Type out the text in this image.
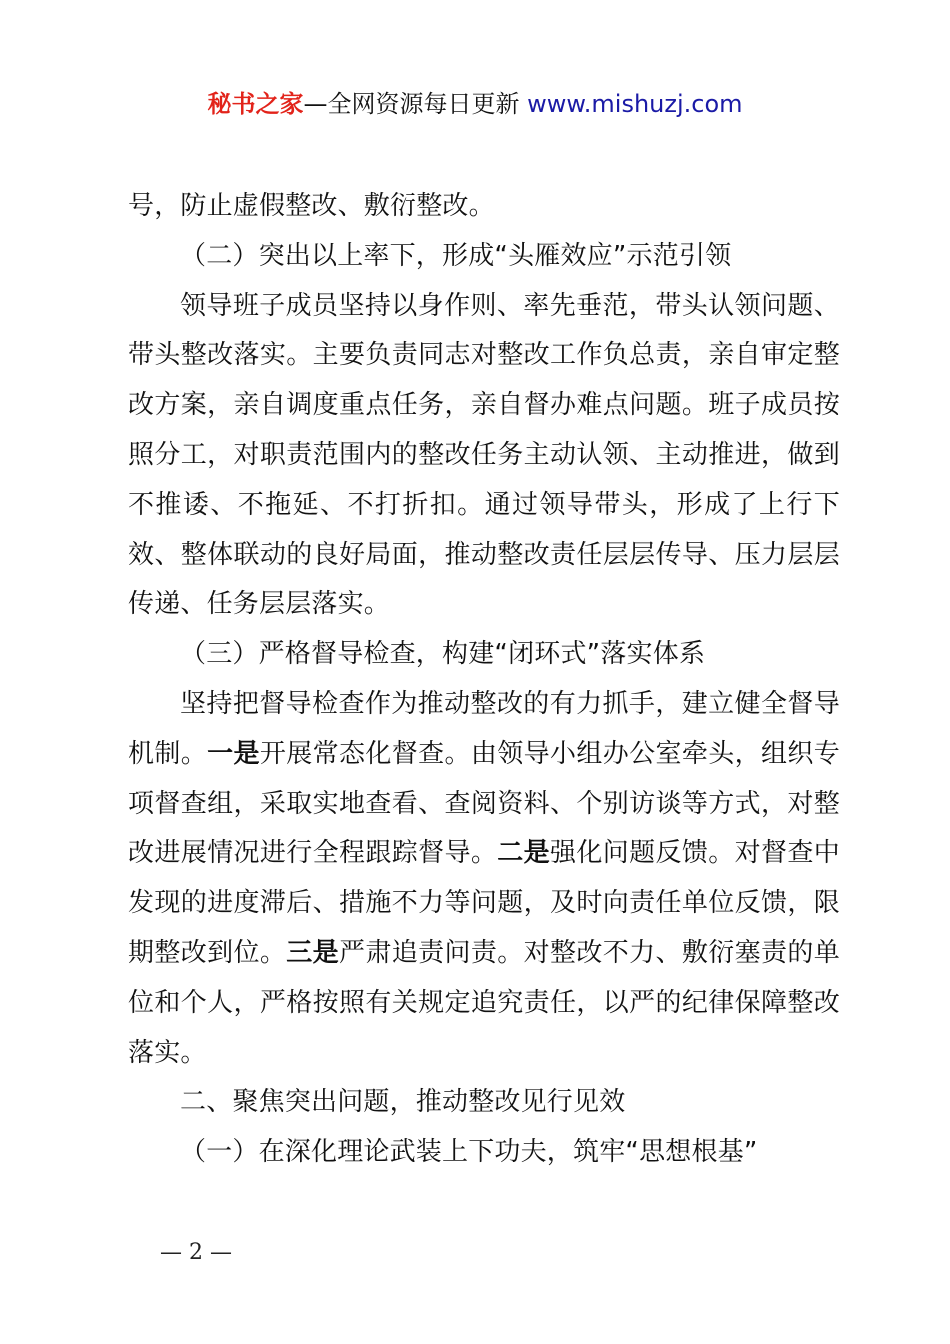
秘书之家—全网资源每日更新 www.mishuzj.com

号，防止虚假整改、敷衍整改。

（二）突出以上率下，形成“头雁效应”示范引领

领导班子成员坚持以身作则、率先垂范，带头认领问题、带头整改落实。主要负责同志对整改工作负总责，亲自审定整改方案，亲自调度重点任务，亲自督办难点问题。班子成员按照分工，对职责范围内的整改任务主动认领、主动推进，做到不推诿、不拖延、不打折扣。通过领导带头，形成了上行下效、整体联动的良好局面，推动整改责任层层传导、压力层层传递、任务层层落实。

（三）严格督导检查，构建“闭环式”落实体系

坚持把督导检查作为推动整改的有力抓手，建立健全督导机制。一是开展常态化督查。由领导小组办公室牵头，组织专项督查组，采取实地查看、查阅资料、个别访谈等方式，对整改进展情况进行全程跟踪督导。二是强化问题反馈。对督查中发现的进度滞后、措施不力等问题，及时向责任单位反馈，限期整改到位。三是严肃追责问责。对整改不力、敷衍塞责的单位和个人，严格按照有关规定追究责任，以严的纪律保障整改落实。

二、聚焦突出问题，推动整改见行见效

（一）在深化理论武装上下功夫，筑牢“思想根基”

— 2 —
